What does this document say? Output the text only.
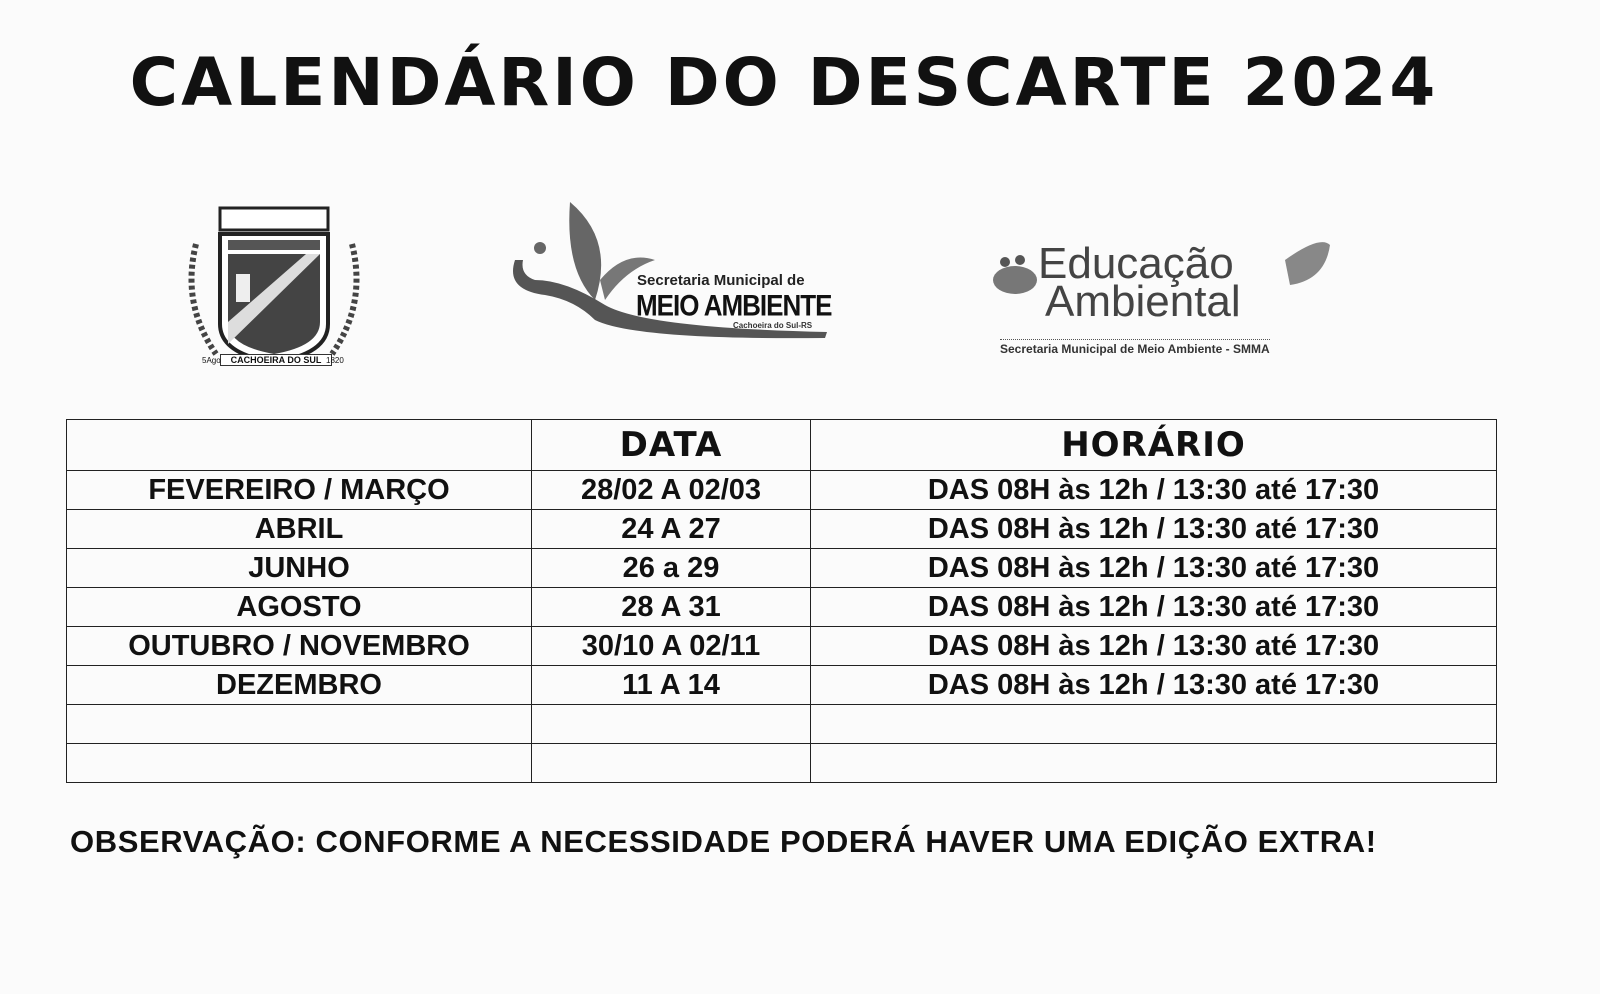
CALENDÁRIO DO DESCARTE 2024
CACHOEIRA DO SUL
5Ago	1820
Secretaria Municipal de
MEIO AMBIENTE
Cachoeira do Sul-RS
Educação
Ambiental
Secretaria Municipal de Meio Ambiente - SMMA
	DATA	HORÁRIO
FEVEREIRO / MARÇO	28/02 A 02/03	DAS 08H às 12h / 13:30 até 17:30
ABRIL	24 A 27	DAS 08H às 12h / 13:30 até 17:30
JUNHO	26 a 29	DAS 08H às 12h / 13:30 até 17:30
AGOSTO	28 A 31	DAS 08H às 12h / 13:30 até 17:30
OUTUBRO / NOVEMBRO	30/10 A 02/11	DAS 08H às 12h / 13:30 até 17:30
DEZEMBRO	11 A 14	DAS 08H às 12h / 13:30 até 17:30

OBSERVAÇÃO: CONFORME A NECESSIDADE PODERÁ HAVER UMA EDIÇÃO EXTRA!
